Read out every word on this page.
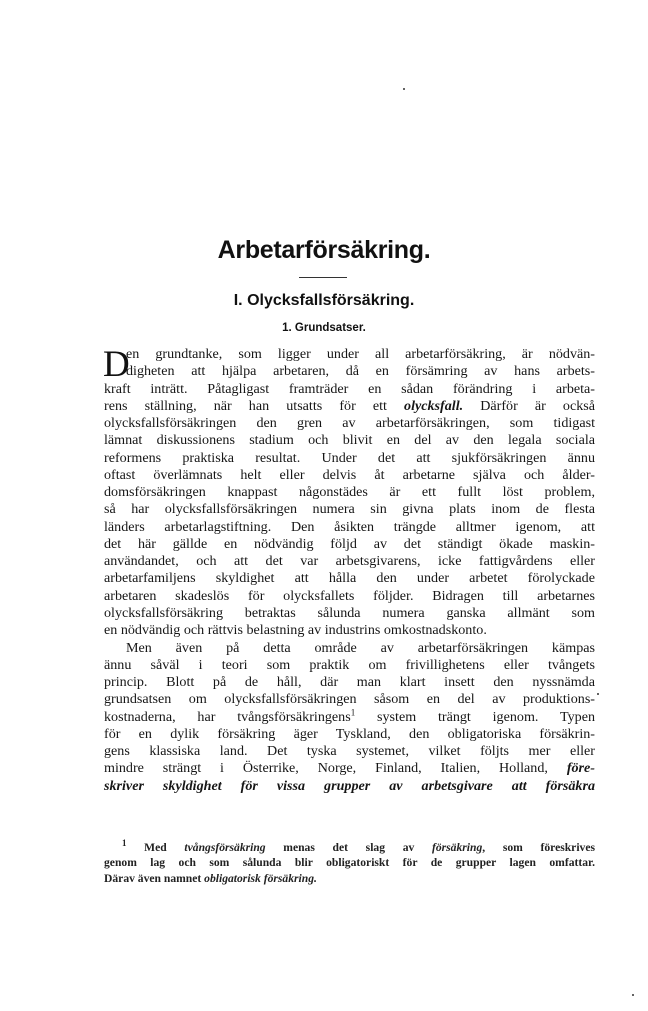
Arbetarförsäkring.
I. Olycksfallsförsäkring.
1. Grundsatser.
D
en grundtanke, som ligger under all arbetarförsäkring, är nödvän-
digheten att hjälpa arbetaren, då en försämring av hans arbets-
kraft inträtt. Påtagligast framträder en sådan förändring i arbeta-
rens ställning, när han utsatts för ett olycksfall. Därför är också
olycksfallsförsäkringen den gren av arbetarförsäkringen, som tidigast
lämnat diskussionens stadium och blivit en del av den legala sociala
reformens praktiska resultat. Under det att sjukförsäkringen ännu
oftast överlämnats helt eller delvis åt arbetarne själva och ålder-
domsförsäkringen knappast någonstädes är ett fullt löst problem,
så har olycksfallsförsäkringen numera sin givna plats inom de flesta
länders arbetarlagstiftning. Den åsikten trängde alltmer igenom, att
det här gällde en nödvändig följd av det ständigt ökade maskin-
användandet, och att det var arbetsgivarens, icke fattigvårdens eller
arbetarfamiljens skyldighet att hålla den under arbetet förolyckade
arbetaren skadeslös för olycksfallets följder. Bidragen till arbetarnes
olycksfallsförsäkring betraktas sålunda numera ganska allmänt som
en nödvändig och rättvis belastning av industrins omkostnadskonto.
Men även på detta område av arbetarförsäkringen kämpas
ännu såväl i teori som praktik om frivillighetens eller tvångets
princip. Blott på de håll, där man klart insett den nyssnämda
grundsatsen om olycksfallsförsäkringen såsom en del av produktions-
kostnaderna, har tvångsförsäkringens$^1$ system trängt igenom. Typen
för en dylik försäkring äger Tyskland, den obligatoriska försäkrin-
gens klassiska land. Det tyska systemet, vilket följts mer eller
mindre strängt i Österrike, Norge, Finland, Italien, Holland, före-
skriver skyldighet för vissa grupper av arbetsgivare att försäkra
$^1$ Med tvångsförsäkring menas det slag av försäkring, som föreskrives
genom lag och som sålunda blir obligatoriskt för de grupper lagen omfattar.
Därav även namnet obligatorisk försäkring.
